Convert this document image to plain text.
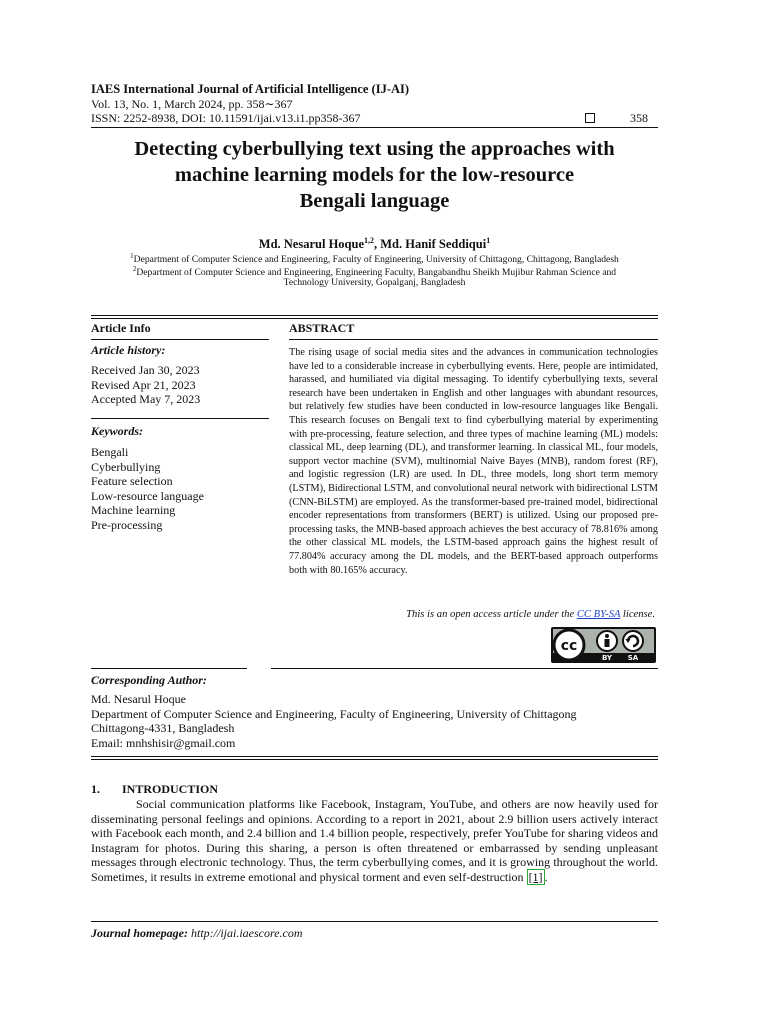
IAES International Journal of Artificial Intelligence (IJ-AI)
Vol. 13, No. 1, March 2024, pp. 358∼367
ISSN: 2252-8938, DOI: 10.11591/ijai.v13.i1.pp358-367	358
Detecting cyberbullying text using the approaches with
machine learning models for the low-resource
Bengali language
Md. Nesarul Hoque$^{1,2}$, Md. Hanif Seddiqui$^1$
$^1$Department of Computer Science and Engineering, Faculty of Engineering, University of Chittagong, Chittagong, Bangladesh
$^2$Department of Computer Science and Engineering, Engineering Faculty, Bangabandhu Sheikh Mujibur Rahman Science and
Technology University, Gopalganj, Bangladesh
Article Info
Article history:
Received Jan 30, 2023
Revised Apr 21, 2023
Accepted May 7, 2023
Keywords:
Bengali
Cyberbullying
Feature selection
Low-resource language
Machine learning
Pre-processing
ABSTRACT
The rising usage of social media sites and the advances in communication technologies have led to a considerable increase in cyberbullying events. Here, people are intimidated, harassed, and humiliated via digital messaging. To identify cyberbullying texts, several research have been undertaken in English and other languages with abundant resources, but relatively few studies have been conducted in low-resource languages like Bengali. This research focuses on Bengali text to find cyberbullying material by experimenting with pre-processing, feature selection, and three types of machine learning (ML) models: classical ML, deep learning (DL), and transformer learning. In classical ML, four models, support vector machine (SVM), multinomial Naive Bayes (MNB), random forest (RF), and logistic regression (LR) are used. In DL, three models, long short term memory (LSTM), Bidirectional LSTM, and convolutional neural network with bidirectional LSTM (CNN-BiLSTM) are employed. As the transformer-based pre-trained model, bidirectional encoder representations from transformers (BERT) is utilized. Using our proposed pre-processing tasks, the MNB-based approach achieves the best accuracy of 78.816% among the other classical ML models, the LSTM-based approach gains the highest result of 77.804% accuracy among the DL models, and the BERT-based approach outperforms both with 80.165% accuracy.
This is an open access article under the CC BY-SA license.
cc
BY SA
Corresponding Author:
Md. Nesarul Hoque
Department of Computer Science and Engineering, Faculty of Engineering, University of Chittagong
Chittagong-4331, Bangladesh
Email: mnhshisir@gmail.com
1. INTRODUCTION
Social communication platforms like Facebook, Instagram, YouTube, and others are now heavily used for disseminating personal feelings and opinions. According to a report in 2021, about 2.9 billion users actively interact with Facebook each month, and 2.4 billion and 1.4 billion people, respectively, prefer YouTube for sharing videos and Instagram for photos. During this sharing, a person is often threatened or embarrassed by sending unpleasant messages through electronic technology. Thus, the term cyberbullying comes, and it is growing throughout the world. Sometimes, it results in extreme emotional and physical torment and even self-destruction [1] .
Journal homepage: http://ijai.iaescore.com
